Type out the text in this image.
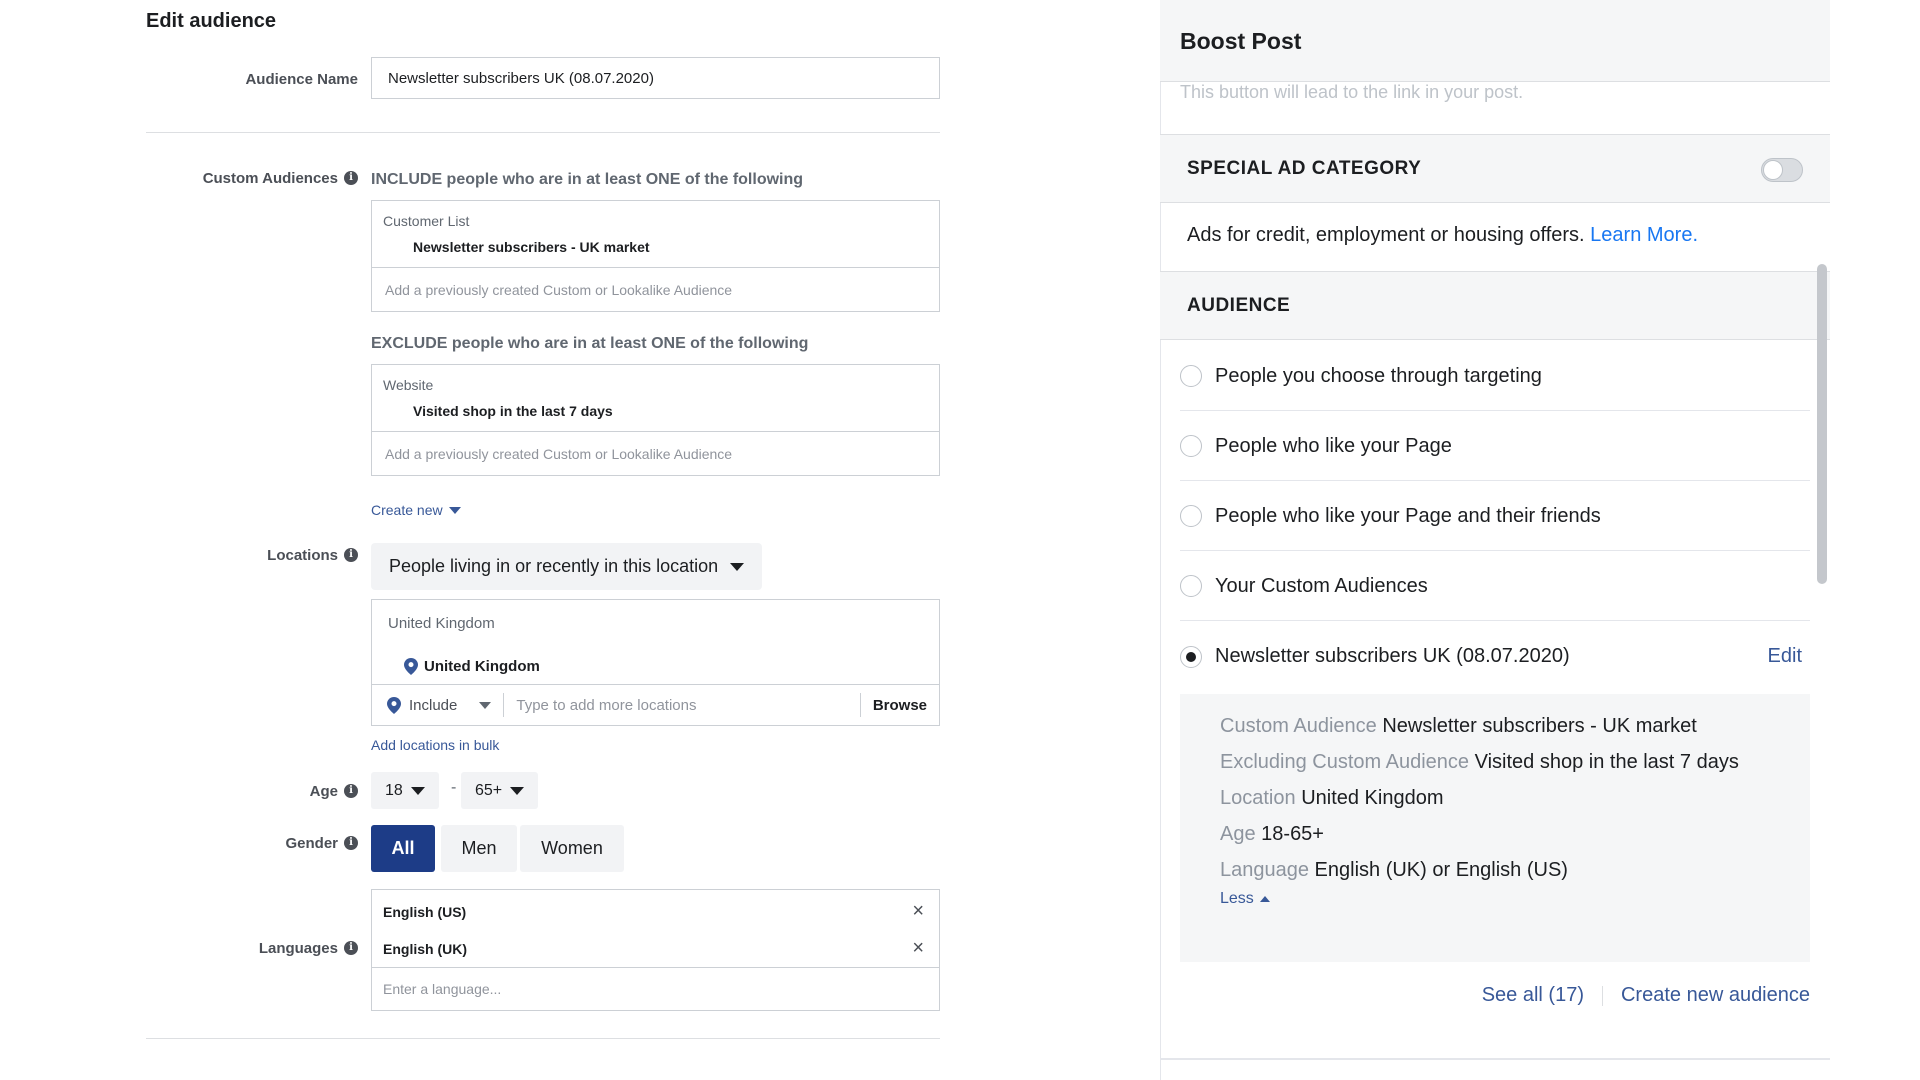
Edit audience
Audience Name Newsletter subscribers UK (08.07.2020)
Custom Audiences	i	INCLUDE people who are in at least ONE of the following
Customer List
Newsletter subscribers - UK market
Add a previously created Custom or Lookalike Audience
EXCLUDE people who are in at least ONE of the following
Website
Visited shop in the last 7 days
Add a previously created Custom or Lookalike Audience
Create new
Locations	i
People living in or recently in this location
United Kingdom
United Kingdom
Include	Type to add more locations	Browse
Add locations in bulk
Age	i	18	- 65+
Gender	i	All	Men	Women
Languages	i
English (US)	×
English (UK)	×
Enter a language...
Boost Post
This button will lead to the link in your post.
SPECIAL AD CATEGORY
Ads for credit, employment or housing offers. Learn More.
AUDIENCE
People you choose through targeting
People who like your Page
People who like your Page and their friends
Your Custom Audiences
Newsletter subscribers UK (08.07.2020)	Edit
Custom Audience Newsletter subscribers - UK market
Excluding Custom Audience Visited shop in the last 7 days
Location United Kingdom
Age 18-65+
Language English (UK) or English (US)
Less
See all (17) Create new audience
